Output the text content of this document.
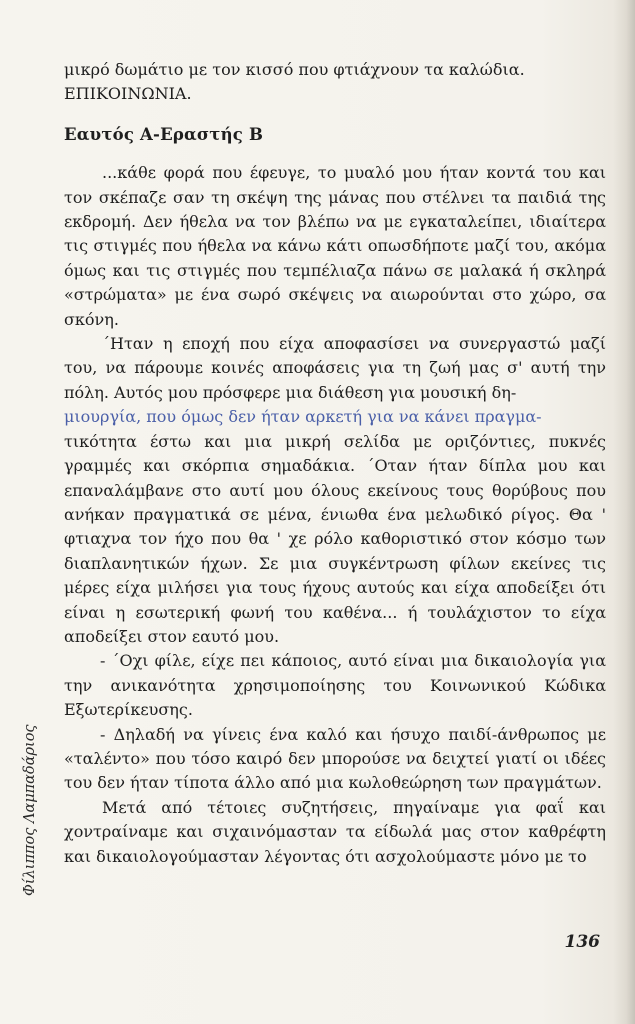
μικρό δωμάτιο με τον κισσό που φτιάχνουν τα καλώδια.

ΕΠΙΚΟΙΝΩΝΙΑ.

Εαυτός Α-Εραστής Β

...κάθε φορά που έφευγε, το μυαλό μου ήταν κοντά του και τον σκέπαζε σαν τη σκέψη της μάνας που στέλνει τα παιδιά της εκδρομή. Δεν ήθελα να τον βλέπω να με εγκαταλείπει, ιδιαίτερα τις στιγμές που ήθελα να κάνω κάτι οπωσδήποτε μαζί του, ακόμα όμως και τις στιγμές που τεμπέλιαζα πάνω σε μαλακά ή σκληρά «στρώματα» με ένα σωρό σκέψεις να αιωρούνται στο χώρο, σα σκόνη.

΄Ηταν η εποχή που είχα αποφασίσει να συνεργαστώ μαζί του, να πάρουμε κοινές αποφάσεις για τη ζωή μας σ' αυτή την πόλη. Αυτός μου πρόσφερε μια διάθεση για μουσική δη-

μιουργία, που όμως δεν ήταν αρκετή για να κάνει πραγμα-

τικότητα έστω και μια μικρή σελίδα με οριζόντιες, πυκνές γραμμές και σκόρπια σημαδάκια. ΄Οταν ήταν δίπλα μου και επαναλάμβανε στο αυτί μου όλους εκείνους τους θορύβους που ανήκαν πραγματικά σε μένα, ένιωθα ένα μελωδικό ρίγος. Θα ' φτιαχνα τον ήχο που θα ' χε ρόλο καθοριστικό στον κόσμο των διαπλανητικών ήχων. Σε μια συγκέντρωση φίλων εκείνες τις μέρες είχα μιλήσει για τους ήχους αυτούς και είχα αποδείξει ότι είναι η εσωτερική φωνή του καθένα... ή τουλάχιστον το είχα αποδείξει στον εαυτό μου.

- ΄Οχι φίλε, είχε πει κάποιος, αυτό είναι μια δικαιολογία για την ανικανότητα χρησιμοποίησης του Κοινωνικού Κώδικα Εξωτερίκευσης.

- Δηλαδή να γίνεις ένα καλό και ήσυχο παιδί-άνθρωπος με «ταλέντο» που τόσο καιρό δεν μπορούσε να δειχτεί γιατί οι ιδέες του δεν ήταν τίποτα άλλο από μια κωλοθεώρηση των πραγμάτων.

Μετά από τέτοιες συζητήσεις, πηγαίναμε για φαΐ και χοντραίναμε και σιχαινόμασταν τα είδωλά μας στον καθρέφτη και δικαιολογούμασταν λέγοντας ότι ασχολούμαστε μόνο με το

Φίλιππος Λαμπαδάριος
136
